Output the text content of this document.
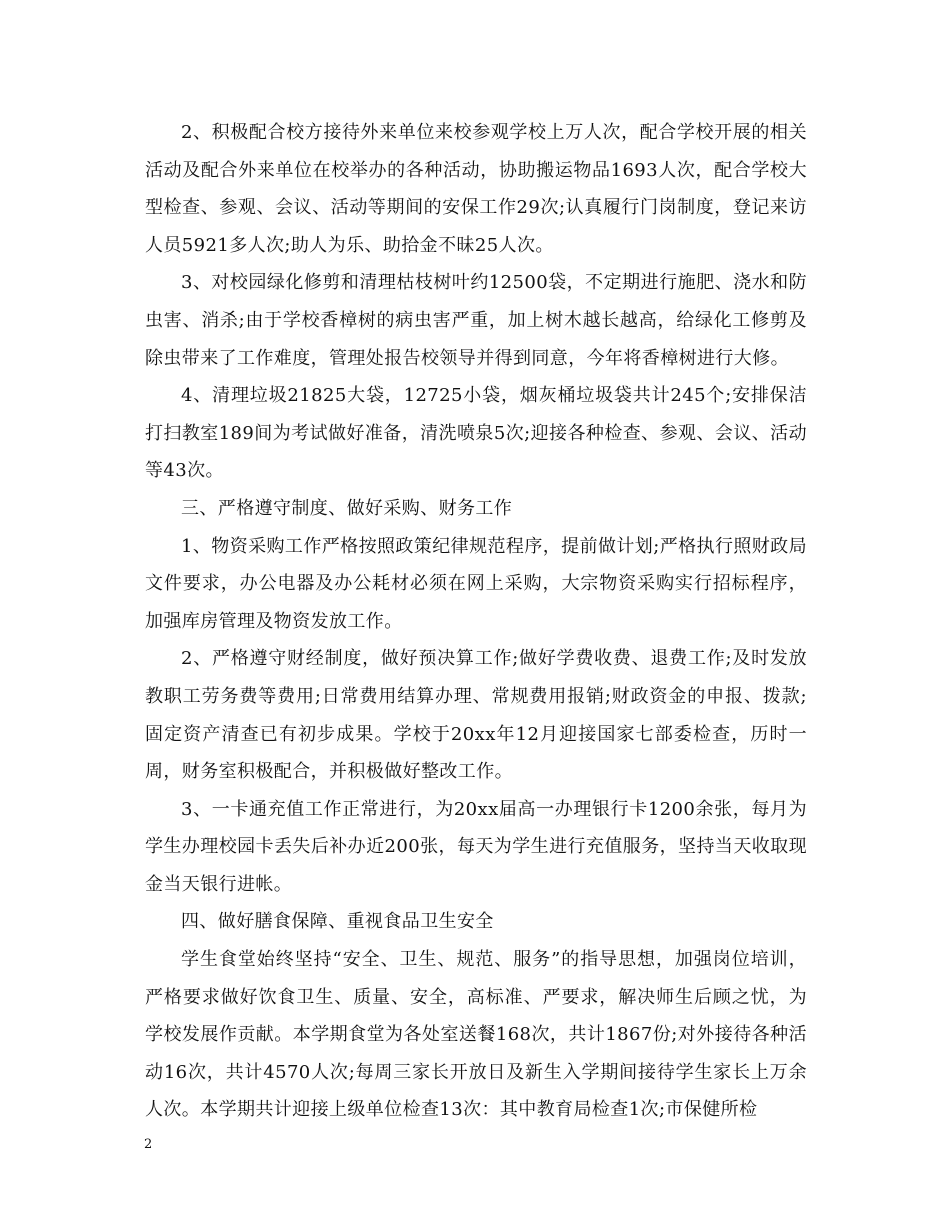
2、积极配合校方接待外来单位来校参观学校上万人次，配合学校开展的相关活动及配合外来单位在校举办的各种活动，协助搬运物品1693人次，配合学校大型检查、参观、会议、活动等期间的安保工作29次;认真履行门岗制度，登记来访人员5921多人次;助人为乐、助拾金不昧25人次。

3、对校园绿化修剪和清理枯枝树叶约12500袋，不定期进行施肥、浇水和防虫害、消杀;由于学校香樟树的病虫害严重，加上树木越长越高，给绿化工修剪及除虫带来了工作难度，管理处报告校领导并得到同意，今年将香樟树进行大修。

4、清理垃圾21825大袋，12725小袋，烟灰桶垃圾袋共计245个;安排保洁打扫教室189间为考试做好准备，清洗喷泉5次;迎接各种检查、参观、会议、活动等43次。

三、严格遵守制度、做好采购、财务工作

1、物资采购工作严格按照政策纪律规范程序，提前做计划;严格执行照财政局文件要求，办公电器及办公耗材必须在网上采购，大宗物资采购实行招标程序，加强库房管理及物资发放工作。

2、严格遵守财经制度，做好预决算工作;做好学费收费、退费工作;及时发放教职工劳务费等费用;日常费用结算办理、常规费用报销;财政资金的申报、拨款;固定资产清查已有初步成果。学校于20xx年12月迎接国家七部委检查，历时一周，财务室积极配合，并积极做好整改工作。

3、一卡通充值工作正常进行，为20xx届高一办理银行卡1200余张，每月为学生办理校园卡丢失后补办近200张，每天为学生进行充值服务，坚持当天收取现金当天银行进帐。

四、做好膳食保障、重视食品卫生安全

学生食堂始终坚持“安全、卫生、规范、服务”的指导思想，加强岗位培训，严格要求做好饮食卫生、质量、安全，高标准、严要求，解决师生后顾之忧，为学校发展作贡献。本学期食堂为各处室送餐168次，共计1867份;对外接待各种活动16次，共计4570人次;每周三家长开放日及新生入学期间接待学生家长上万余人次。本学期共计迎接上级单位检查13次：其中教育局检查1次;市保健所检

2
